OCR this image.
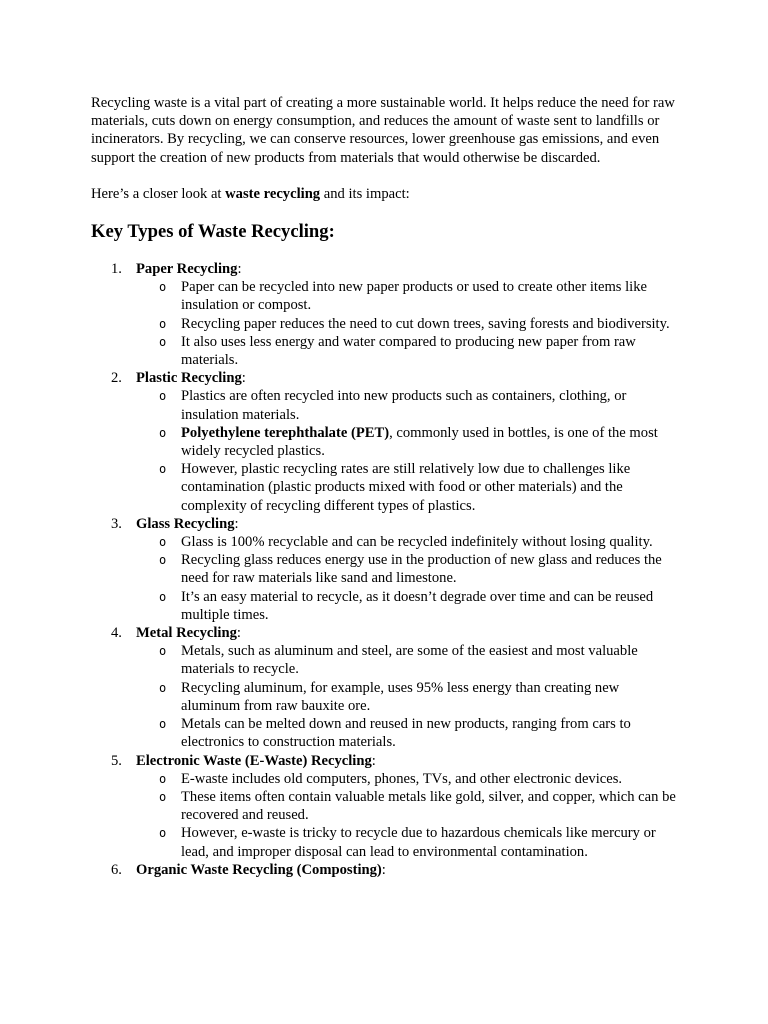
Recycling waste is a vital part of creating a more sustainable world. It helps reduce the need for raw materials, cuts down on energy consumption, and reduces the amount of waste sent to landfills or incinerators. By recycling, we can conserve resources, lower greenhouse gas emissions, and even support the creation of new products from materials that would otherwise be discarded.

Here’s a closer look at waste recycling and its impact:

Key Types of Waste Recycling:
1. Paper Recycling:
o Paper can be recycled into new paper products or used to create other items like insulation or compost.
o Recycling paper reduces the need to cut down trees, saving forests and biodiversity.
o It also uses less energy and water compared to producing new paper from raw materials.
2. Plastic Recycling:
o Plastics are often recycled into new products such as containers, clothing, or insulation materials.
o Polyethylene terephthalate (PET), commonly used in bottles, is one of the most widely recycled plastics.
o However, plastic recycling rates are still relatively low due to challenges like contamination (plastic products mixed with food or other materials) and the complexity of recycling different types of plastics.
3. Glass Recycling:
o Glass is 100% recyclable and can be recycled indefinitely without losing quality.
o Recycling glass reduces energy use in the production of new glass and reduces the need for raw materials like sand and limestone.
o It’s an easy material to recycle, as it doesn’t degrade over time and can be reused multiple times.
4. Metal Recycling:
o Metals, such as aluminum and steel, are some of the easiest and most valuable materials to recycle.
o Recycling aluminum, for example, uses 95% less energy than creating new aluminum from raw bauxite ore.
o Metals can be melted down and reused in new products, ranging from cars to electronics to construction materials.
5. Electronic Waste (E-Waste) Recycling:
o E-waste includes old computers, phones, TVs, and other electronic devices.
o These items often contain valuable metals like gold, silver, and copper, which can be recovered and reused.
o However, e-waste is tricky to recycle due to hazardous chemicals like mercury or lead, and improper disposal can lead to environmental contamination.
6. Organic Waste Recycling (Composting):
